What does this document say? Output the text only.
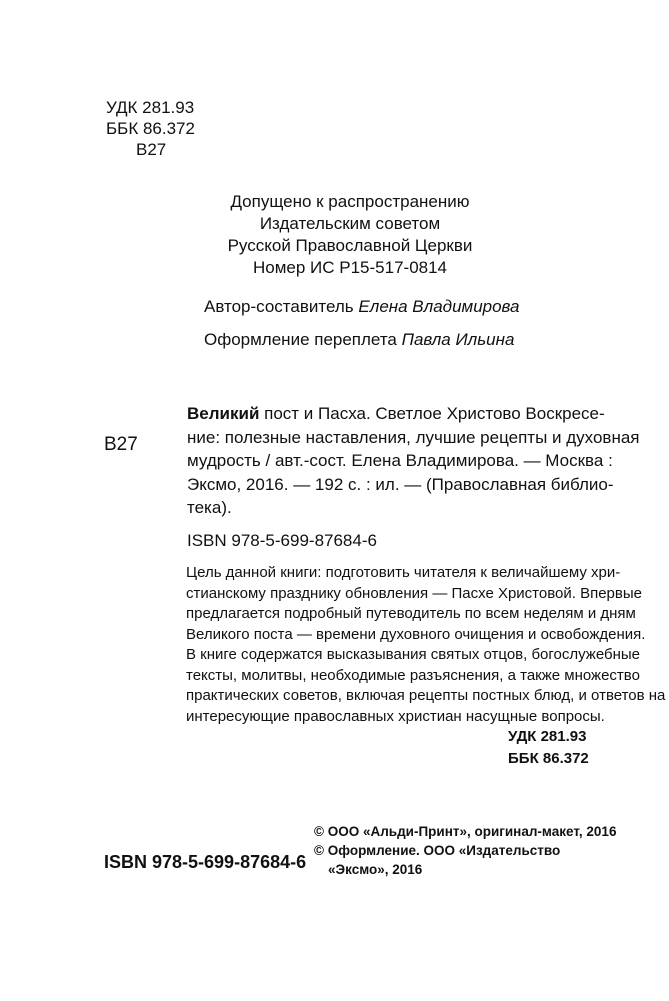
УДК 281.93
ББК 86.372
В27
Допущено к распространению
Издательским советом
Русской Православной Церкви
Номер ИС Р15-517-0814
Автор-составитель Елена Владимирова
Оформление переплета Павла Ильина
В27
Великий пост и Пасха. Светлое Христово Воскресе-
ние: полезные наставления, лучшие рецепты и духовная
мудрость / авт.-сост. Елена Владимирова. — Москва :
Эксмо, 2016. — 192 с. : ил. — (Православная библио-
тека).
ISBN 978-5-699-87684-6
Цель данной книги: подготовить читателя к величайшему хри-
стианскому празднику обновления — Пасхе Христовой. Впервые
предлагается подробный путеводитель по всем неделям и дням
Великого поста — времени духовного очищения и освобождения.
В книге содержатся высказывания святых отцов, богослужебные
тексты, молитвы, необходимые разъяснения, а также множество
практических советов, включая рецепты постных блюд, и ответов на
интересующие православных христиан насущные вопросы.
УДК 281.93
ББК 86.372
© ООО «Альди-Принт», оригинал-макет, 2016
© Оформление. ООО «Издательство
«Эксмо», 2016
ISBN 978-5-699-87684-6
